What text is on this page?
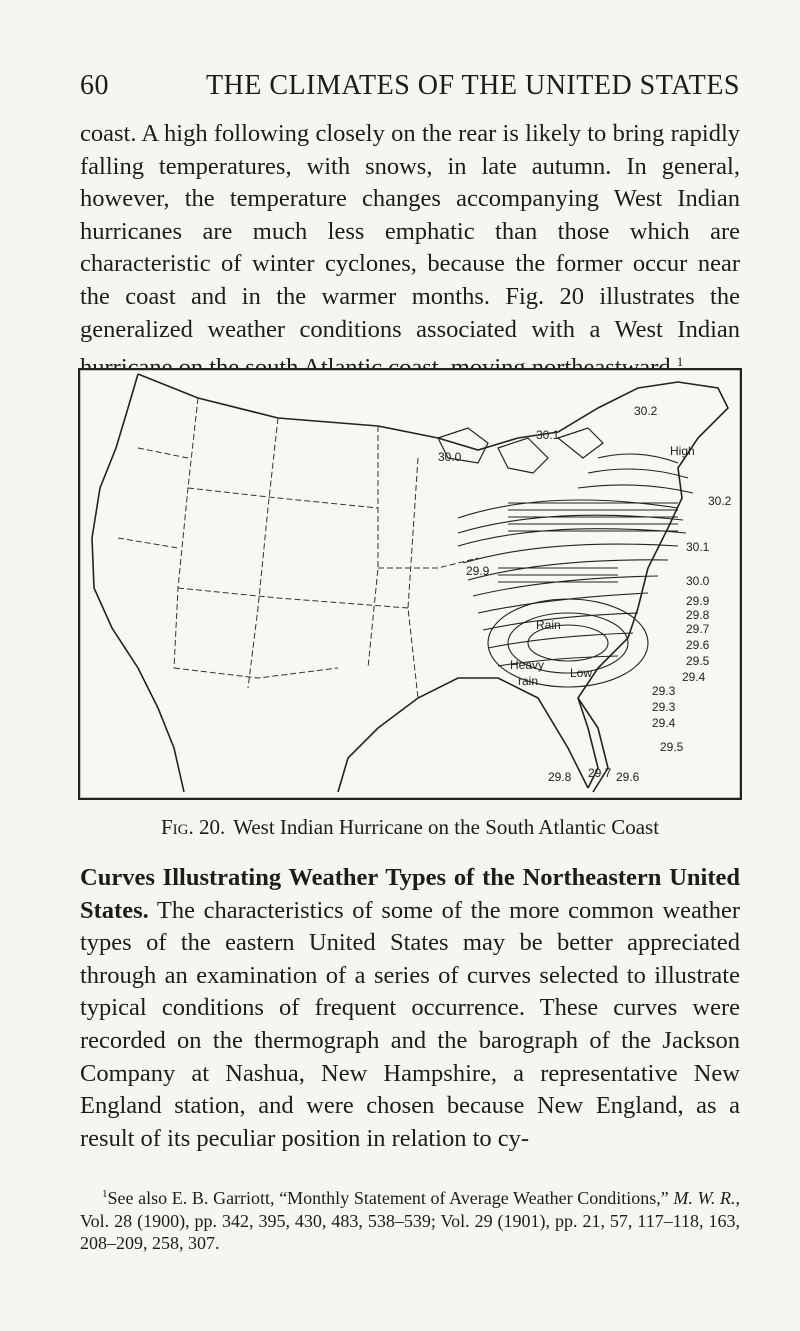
60	THE CLIMATES OF THE UNITED STATES

coast. A high following closely on the rear is likely to bring rapidly falling temperatures, with snows, in late autumn. In general, however, the temperature changes accompanying West Indian hurricanes are much less emphatic than those which are characteristic of winter cyclones, because the former occur near the coast and in the warmer months. Fig. 20 illustrates the generalized weather conditions associated with a West Indian $^1$

30.2
30.1
High
30.2
30.1
30.0
29.9
29.8
29.7
29.6
29.5
29.4
29.3
29.3
29.4
29.5
29.8 29.7 29.6
29.9
30.0
Rain
Heavy
rain
Low
Fig. 20. West Indian Hurricane on the South Atlantic Coast

Curves Illustrating Weather Types of the Northeastern United States. The characteristics of some of the more common weather types of the eastern United States may be better appreciated through an examination of a series of curves selected to illustrate typical conditions of frequent occurrence. These curves were recorded on the thermograph and the barograph of the Jackson Company at Nashua, New Hampshire, a representative New England station, and were chosen because New England, as a result of its peculiar position in relation to cy-

$^1$See also E. B. Garriott, “Monthly Statement of Average Weather Conditions,” M. W. R., Vol. 28 (1900), pp. 342, 395, 430, 483, 538–539; Vol. 29 (1901), pp. 21, 57, 117–118, 163, 208–209, 258, 307.
